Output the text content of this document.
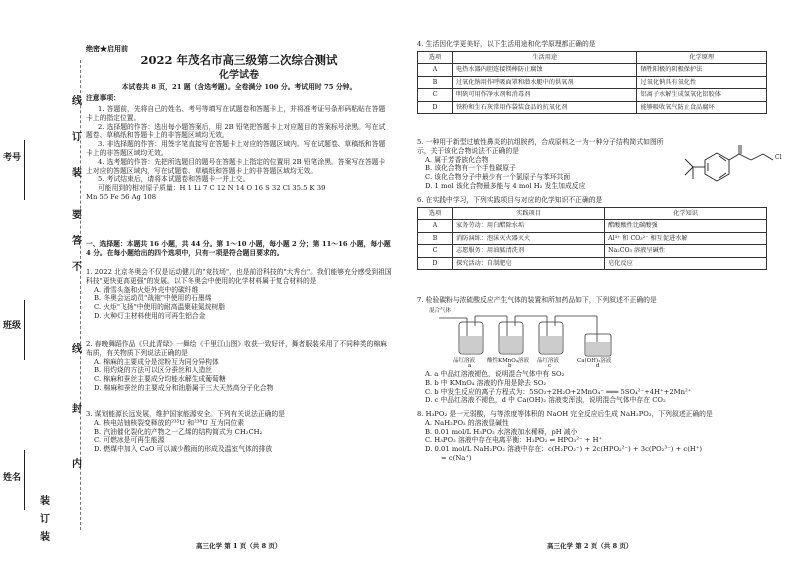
考号
班级
姓名
线
订
装
要
答
不
线
封
内
装
订
装
绝密★启用前
2022 年茂名市高三级第二次综合测试
化学试卷
本试卷共 8 页，21 题（含选考题）。全卷满分 100 分。考试用时 75 分钟。
注意事项：
1. 答题前，先将自己的姓名、考号等填写在试题卷和答题卡上，并将准考证号条形码粘贴在答题卡上的指定位置。
2. 选择题的作答：选出每小题答案后，用 2B 铅笔把答题卡上对应题目的答案标号涂黑。写在试题卷、草稿纸和答题卡上的非答题区域均无效。
3. 非选择题的作答：用签字笔直接写在答题卡上对应的答题区域内。写在试题卷、草稿纸和答题卡上的非答题区域均无效。
4. 选考题的作答：先把所选题目的题号在答题卡上指定的位置用 2B 铅笔涂黑。答案写在答题卡上对应的答题区域内，写在试题卷、草稿纸和答题卡上的非答题区域均无效。
5. 考试结束后，请将本试题卷和答题卡一并上交。
可能用到的相对原子质量：H 1 Li 7 C 12 N 14 O 16 S 32 Cl 35.5 K 39
Mn 55 Fe 56 Ag 108
一、选择题：本题共 16 小题，共 44 分。第 1～10 小题，每小题 2 分；第 11～16 小题，每小题 4 分。在每小题给出的四个选项中，只有一项是符合题目要求的。
1. 2022 北京冬奥会不仅是运动健儿的"竞技场"，也是前沿科技的"大秀台"。我们能够充分感受到祖国科技"更快更高更强"的发展。以下冬奥会中使用的化学材料属于复合材料的是
A. 滑雪头盔和火炬外壳中的碳纤维
B. 冬奥会运动员"战袍"中使用的石墨烯
C. 火炬"飞扬"中使用的耐高温聚硅氮烷树脂
D. 火种灯主材料使用的可再生铝合金
2. 春晚舞蹈作品《只此青绿》一舞绘《千里江山图》收获一致好评，舞者服装采用了不同种类的棉麻布质，有关物质下列说法正确的是
A. 棉麻的主要成分是淀粉互为同分异构体
B. 用灼烧的方法可以区分蚕丝和人造丝
C. 棉麻和蚕丝主要成分均能水解生成葡萄糖
D. 棉麻和蚕丝的主要成分和油脂属于三大天然高分子化合物
3. 谋划能源长远发展，维护国家能源安全。下列有关说法正确的是
A. 核电站铀核裂变释放的²³⁵U 和²³⁸U 互为同位素
B. 汽油催化裂化的产物之一乙烯的结构简式为 CH₂CH₂
C. 可燃冰是可再生能源
D. 燃煤中加入 CaO 可以减少酸雨的形成及温室气体的排放
高三化学 第 1 页（共 8 页）
4. 生活因化学更美好，以下生活用途和化学原理都正确的是
选项	生活用途	化学原理
A	电热水器内胆连接镁棒防止腐蚀	牺牲阳极的阴极保护法
B	过氧化钠用作呼吸面罩和潜水艇中的供氧剂	过氧化钠具有氧化性
C	明矾可用作净水剂和消毒剂	铝离子水解生成氢氧化铝胶体
D	铁粉和生石灰常用作袋装食品的抗氧化剂	能够吸收氧气防止食品腐坏
5. 一种用于新型过敏性鼻炎的抗组胺药，合成原料之一为一种分子结构简式如图所示，关于该化合物说法不正确的是
A. 属于芳香族化合物
B. 该化合物有一个手性碳原子
C. 该化合物分子中最少有一个氯原子与苯环共面
D. 1 mol 该化合物最多能与 4 mol H₂ 发生加成反应
Cl
6. 在实践中学习，下列实践项目与对应的化学知识不正确的是
选项	实践项目	化学知识
A	家务劳动：用白醋除水垢	醋酸酸性比碳酸强
B	消防演练：泡沫灭火器灭火	Al³⁺ 和 CO₃²⁻ 相互促进水解
C	志愿服务：用油腻清洗剂	Na₂CO₃ 溶液呈碱性
D	探究活动：自制肥皂	皂化反应
7. 检验碳粉与浓硫酸反应产生气体的装置和所加药品如下，下列叙述不正确的是
混合气体
品红溶液 酸性KMnO₄溶液 品红溶液	Ca(OH)₂溶液
a	b	c	d
A. a 中品红溶液褪色，说明混合气体中有 SO₂
B. b 中 KMnO₄ 溶液的作用是除去 SO₂
C. b 中发生反应的离子方程式为：5SO₂+2H₂O+2MnO₄⁻ ═══ 5SO₄²⁻+4H⁺+2Mn²⁺
D. c 中品红溶液不褪色，d 中 Ca(OH)₂ 溶液变浑浊，说明混合气体中存在 CO₂
8. H₃PO₂ 是一元弱酸，与等浓度等体积的 NaOH 完全反应后生成 NaH₂PO₂，下列叙述正确的是
A. NaH₂PO₂ 的溶液显碱性
B. 0.01 mol/L H₃PO₂ 水溶液加水稀释，pH 减小
C. H₃PO₂ 溶液中存在电离平衡：H₃PO₂ ⇌ HPO₃²⁻ + H⁺
D. 0.01 mol/L NaH₂PO₂ 溶液中存在：c(H₂PO₂⁻) + 2c(HPO₂²⁻) + 3c(PO₂³⁻) + c(H⁺)
= c(Na⁺)
高三化学 第 2 页（共 8 页）
